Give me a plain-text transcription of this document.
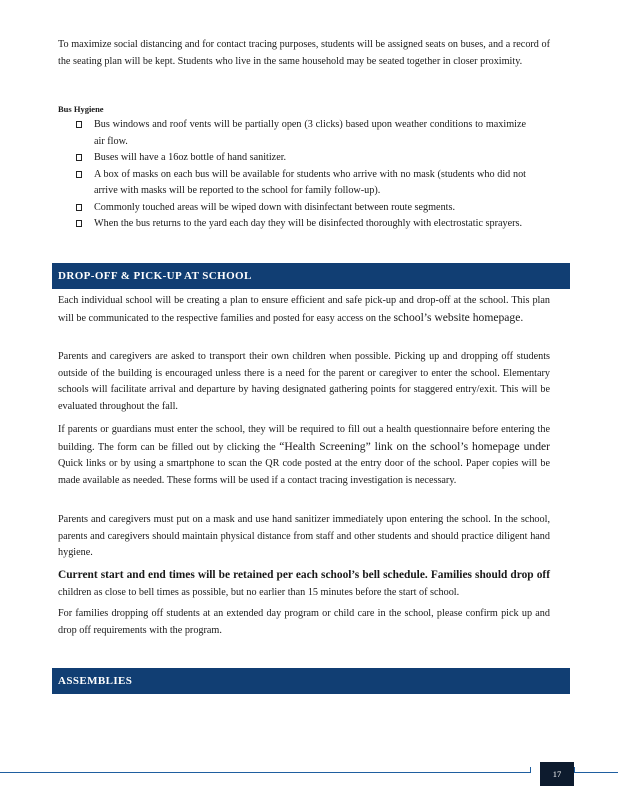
To maximize social distancing and for contact tracing purposes, students will be assigned seats on buses, and a record of the seating plan will be kept. Students who live in the same household may be seated together in closer proximity.

Bus Hygiene
Bus windows and roof vents will be partially open (3 clicks) based upon weather conditions to maximize air flow.
Buses will have a 16oz bottle of hand sanitizer.
A box of masks on each bus will be available for students who arrive with no mask (students who did not arrive with masks will be reported to the school for family follow-up).
Commonly touched areas will be wiped down with disinfectant between route segments.
When the bus returns to the yard each day they will be disinfected thoroughly with electrostatic sprayers.
DROP-OFF & PICK-UP AT SCHOOL

Each individual school will be creating a plan to ensure efficient and safe pick-up and drop-off at the school. This plan will be communicated to the respective families and posted for easy access on the school’s website homepage.

Parents and caregivers are asked to transport their own children when possible. Picking up and dropping off students outside of the building is encouraged unless there is a need for the parent or caregiver to enter the school. Elementary schools will facilitate arrival and departure by having designated gathering points for staggered entry/exit. This will be evaluated throughout the fall.

If parents or guardians must enter the school, they will be required to fill out a health questionnaire before entering the building. The form can be filled out by clicking the “Health Screening” link on the school’s homepage under Quick links or by using a smartphone to scan the QR code posted at the entry door of the school. Paper copies will be made available as needed. These forms will be used if a contact tracing investigation is necessary.

Parents and caregivers must put on a mask and use hand sanitizer immediately upon entering the school. In the school, parents and caregivers should maintain physical distance from staff and other students and should practice diligent hand hygiene.

Current start and end times will be retained per each school’s bell schedule. Families should drop off children as close to bell times as possible, but no earlier than 15 minutes before the start of school.

For families dropping off students at an extended day program or child care in the school, please confirm pick up and drop off requirements with the program.

ASSEMBLIES
17
